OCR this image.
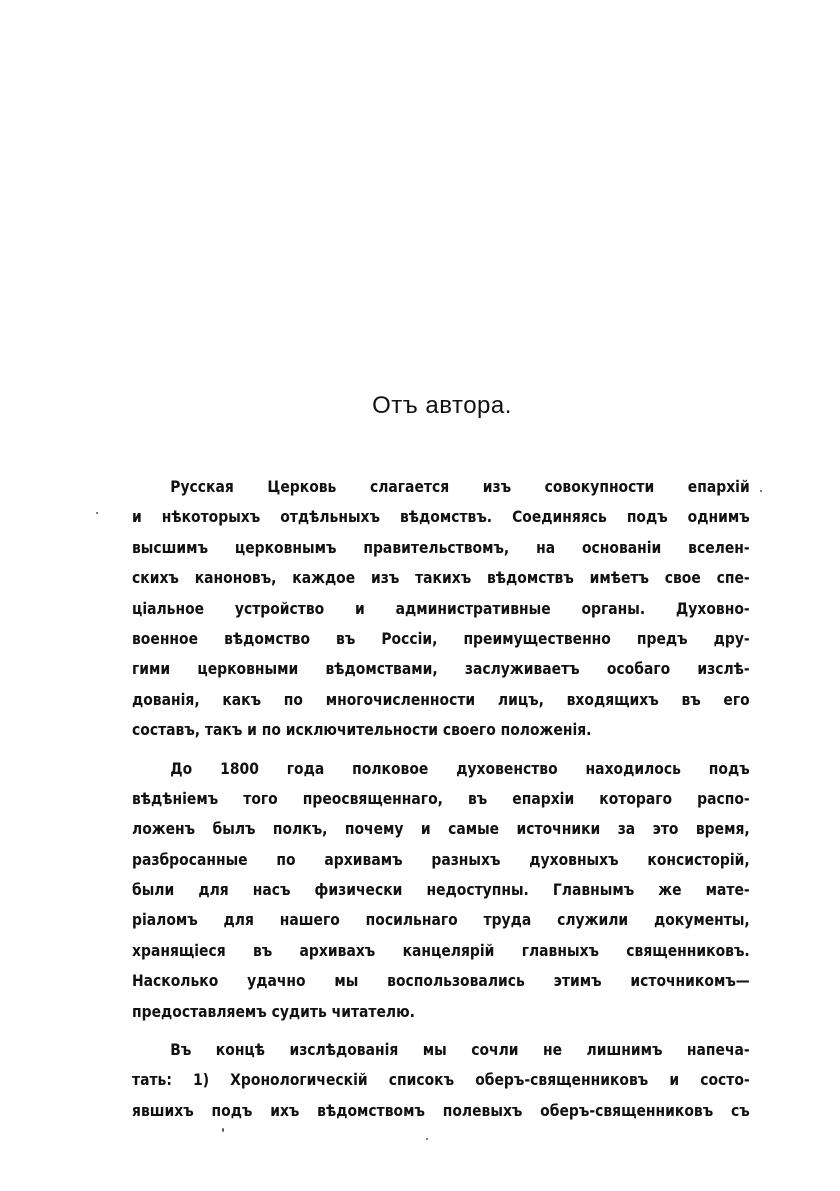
Отъ автора.
Русская Церковь слагается изъ совокупности епархій
и нѣкоторыхъ отдѣльныхъ вѣдомствъ. Соединяясь подъ однимъ
высшимъ церковнымъ правительствомъ, на основаніи вселен-
скихъ каноновъ, каждое изъ такихъ вѣдомствъ имѣетъ свое спе-
ціальное устройство и административные органы. Духовно-
военное вѣдомство въ Россіи, преимущественно предъ дру-
гими церковными вѣдомствами, заслуживаетъ особаго изслѣ-
дованія, какъ по многочисленности лицъ, входящихъ въ его
составъ, такъ и по исключительности своего положенія.
До 1800 года полковое духовенство находилось подъ
вѣдѣніемъ того преосвященнаго, въ епархіи котораго распо-
ложенъ былъ полкъ, почему и самые источники за это время,
разбросанные по архивамъ разныхъ духовныхъ консисторій,
были для насъ физически недоступны. Главнымъ же мате-
ріаломъ для нашего посильнаго труда служили документы,
хранящіеся въ архивахъ канцелярій главныхъ священниковъ.
Насколько удачно мы воспользовались этимъ источникомъ—
предоставляемъ судить читателю.
Въ концѣ изслѣдованія мы сочли не лишнимъ напеча-
тать: 1) Хронологическій списокъ оберъ-священниковъ и состо-
явшихъ подъ ихъ вѣдомствомъ полевыхъ оберъ-священниковъ съ
